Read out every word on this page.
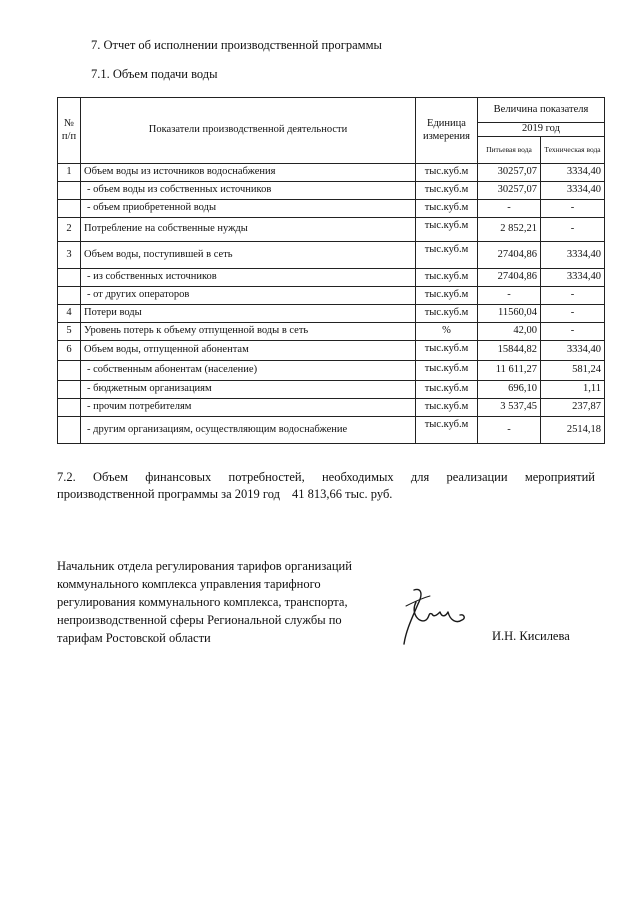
7. Отчет об исполнении производственной программы
7.1. Объем подачи воды
№ п/п	Показатели производственной деятельности	Единица измерения	Величина показателя	
			2019 год	
			Питьевая вода	Техническая вода
1	Объем воды из источников водоснабжения	тыс.куб.м	30257,07	3334,40
	- объем воды из собственных источников	тыс.куб.м	30257,07	3334,40
	- объем приобретенной воды	тыс.куб.м	-	-
2	Потребление на собственные нужды	тыс.куб.м	2 852,21	-
3	Объем воды, поступившей в сеть	тыс.куб.м	27404,86	3334,40
	- из собственных источников	тыс.куб.м	27404,86	3334,40
	- от других операторов	тыс.куб.м	-	-
4	Потери воды	тыс.куб.м	11560,04	-
5	Уровень потерь к объему отпущенной воды в сеть	%	42,00	-
6	Объем воды, отпущенной абонентам	тыс.куб.м	15844,82	3334,40
	- собственным абонентам (население)	тыс.куб.м	11 611,27	581,24
	- бюджетным организациям	тыс.куб.м	696,10	1,11
	- прочим потребителям	тыс.куб.м	3 537,45	237,87
	- другим организациям, осуществляющим водоснабжение	тыс.куб.м	-	2514,18
7.2. Объем финансовых потребностей, необходимых для реализации мероприятий производственной программы за 2019 год 41 813,66 тыс. руб.
Начальник отдела регулирования тарифов организаций
коммунального комплекса управления тарифного
регулирования коммунального комплекса, транспорта,
непроизводственной сферы Региональной службы по
тарифам Ростовской области	И.Н. Кисилева
